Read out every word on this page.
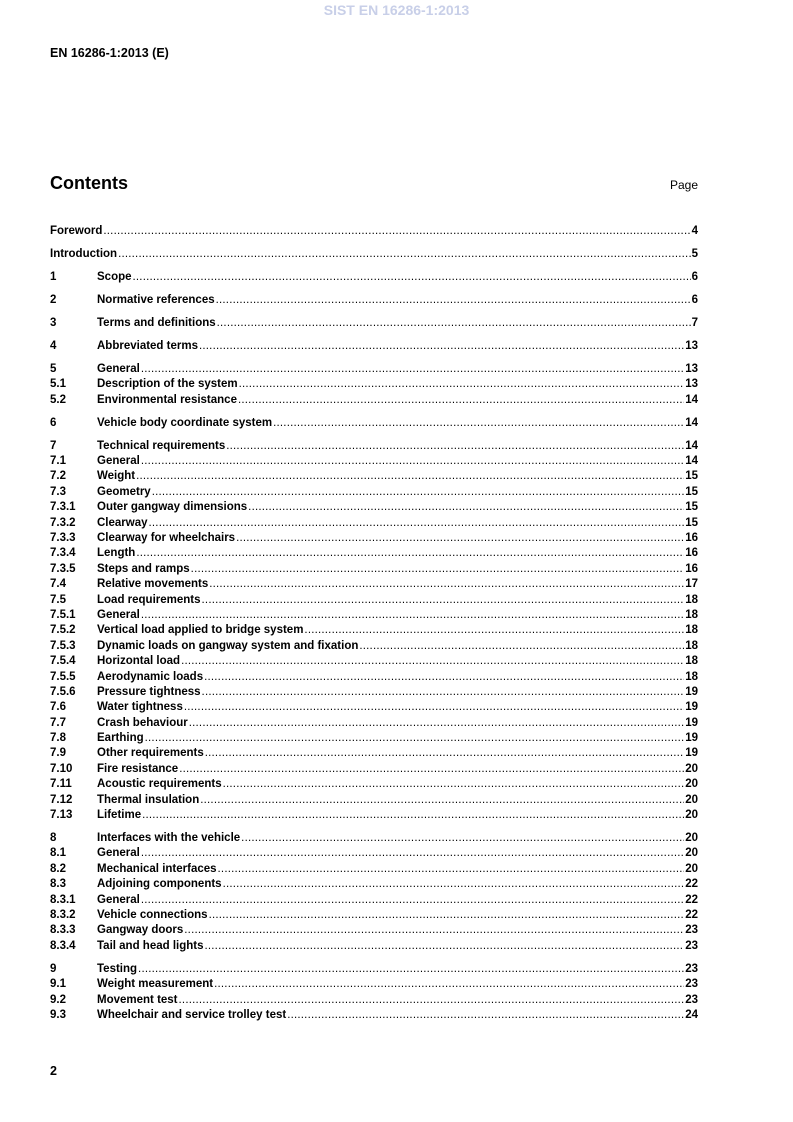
SIST EN 16286-1:2013
EN 16286-1:2013 (E)
Contents	Page
Foreword .....	4
Introduction .....	5
1	Scope .....	6
2	Normative references .....	6
3	Terms and definitions .....	7
4	Abbreviated terms .....	13
5	General .....	13
5.1	Description of the system .....	13
5.2	Environmental resistance .....	14
6	Vehicle body coordinate system .....	14
7	Technical requirements .....	14
7.1	General .....	14
7.2	Weight .....	15
7.3	Geometry .....	15
7.3.1	Outer gangway dimensions .....	15
7.3.2	Clearway .....	15
7.3.3	Clearway for wheelchairs .....	16
7.3.4	Length .....	16
7.3.5	Steps and ramps .....	16
7.4	Relative movements .....	17
7.5	Load requirements .....	18
7.5.1	General .....	18
7.5.2	Vertical load applied to bridge system .....	18
7.5.3	Dynamic loads on gangway system and fixation .....	18
7.5.4	Horizontal load .....	18
7.5.5	Aerodynamic loads .....	18
7.5.6	Pressure tightness .....	19
7.6	Water tightness .....	19
7.7	Crash behaviour .....	19
7.8	Earthing .....	19
7.9	Other requirements .....	19
7.10	Fire resistance .....	20
7.11	Acoustic requirements .....	20
7.12	Thermal insulation .....	20
7.13	Lifetime .....	20
8	Interfaces with the vehicle .....	20
8.1	General .....	20
8.2	Mechanical interfaces .....	20
8.3	Adjoining components .....	22
8.3.1	General .....	22
8.3.2	Vehicle connections .....	22
8.3.3	Gangway doors .....	23
8.3.4	Tail and head lights .....	23
9	Testing .....	23
9.1	Weight measurement .....	23
9.2	Movement test .....	23
9.3	Wheelchair and service trolley test .....	24
2
